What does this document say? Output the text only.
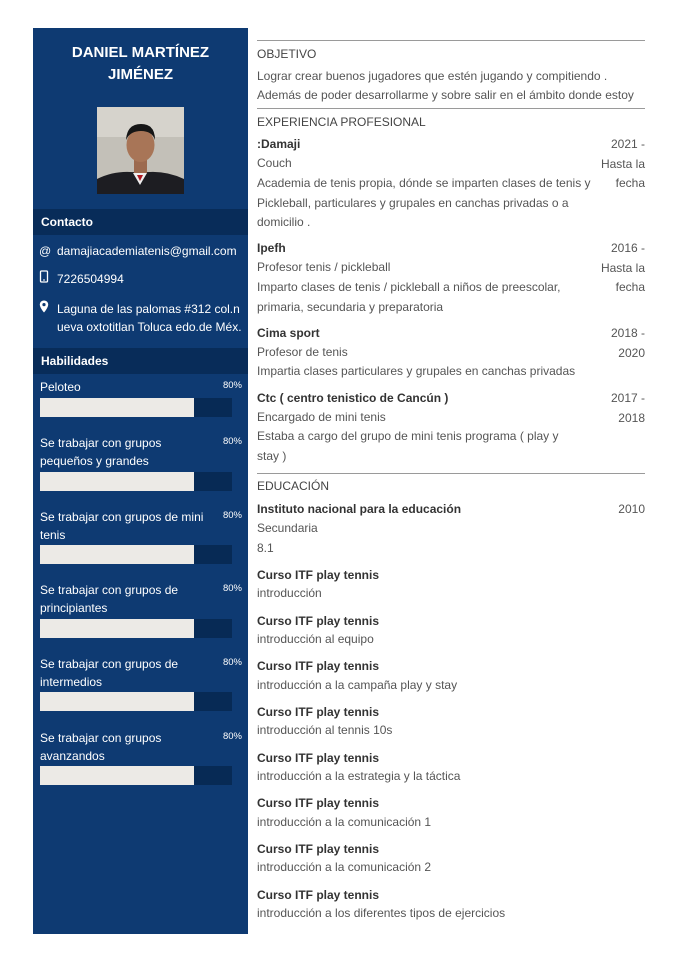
DANIEL MARTÍNEZ
JIMÉNEZ
Contacto
@ damajiacademiatenis@gmail.com
7226504994
Laguna de las palomas #312 col.nueva oxtotitlan Toluca edo.de Méx.
Habilidades
Peloteo	80%
Se trabajar con grupos pequeños y grandes
80%
Se trabajar con grupos de mini tenis
80%
Se trabajar con grupos de principiantes
80%
Se trabajar con grupos de intermedios
80%
Se trabajar con grupos avanzandos
80%
OBJETIVO
Lograr crear buenos jugadores que estén jugando y compitiendo . Además de poder desarrollarme y sobre salir en el ámbito donde estoy
EXPERIENCIA PROFESIONAL
:Damaji	2021 -
Hasta la
fecha
Couch
Academia de tenis propia, dónde se imparten clases de tenis y Pickleball, particulares y grupales en canchas privadas o a domicilio .
Ipefh	2016 -
Hasta la
fecha
Profesor tenis / pickleball
Imparto clases de tenis / pickleball a niños de preescolar, primaria, secundaria y preparatoria
Cima sport	2018 -
2020
Profesor de tenis
Impartia clases particulares y grupales en canchas privadas
Ctc ( centro tenistico de Cancún )	2017 -
2018
Encargado de mini tenis
Estaba a cargo del grupo de mini tenis programa ( play y stay )
EDUCACIÓN
Instituto nacional para la educación	2010
Secundaria
8.1
Curso ITF play tennis
introducción
Curso ITF play tennis
introducción al equipo
Curso ITF play tennis
introducción a la campaña play y stay
Curso ITF play tennis
introducción al tennis 10s
Curso ITF play tennis
introducción a la estrategia y la táctica
Curso ITF play tennis
introducción a la comunicación 1
Curso ITF play tennis
introducción a la comunicación 2
Curso ITF play tennis
introducción a los diferentes tipos de ejercicios
